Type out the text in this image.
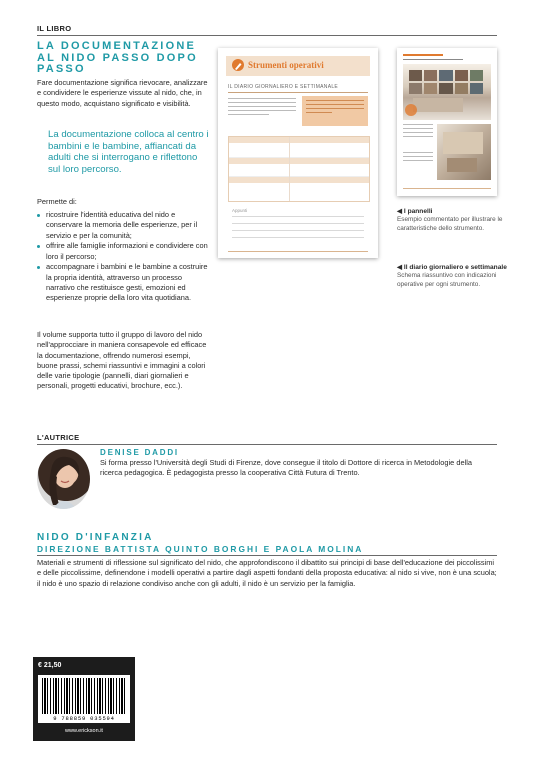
IL LIBRO
LA DOCUMENTAZIONE
AL NIDO PASSO DOPO
PASSO
Fare documentazione significa rievocare, analizzare e condividere le esperienze vissute al nido, che, in questo modo, acquistano significato e visibilità.
La documentazione colloca al centro i bambini e le bambine, affiancati da adulti che si interrogano e riflettono sul loro percorso.
Permette di:
ricostruire l'identità educativa del nido e conservare la memoria delle esperienze, per il servizio e per la comunità;
offrire alle famiglie informazioni e condividere con loro il percorso;
accompagnare i bambini e le bambine a costruire la propria identità, attraverso un processo narrativo che restituisce gesti, emozioni ed esperienze proprie della loro vita quotidiana.
Il volume supporta tutto il gruppo di lavoro del nido nell'approcciare in maniera consapevole ed efficace la documentazione, offrendo numerosi esempi, buone prassi, schemi riassuntivi e immagini a colori delle varie tipologie (pannelli, diari giornalieri e personali, progetti educativi, brochure, ecc.).
Strumenti operativi
IL DIARIO GIORNALIERO E SETTIMANALE
Appunti	◀ I pannelli
Esempio commentato per illustrare le caratteristiche dello strumento.
◀ Il diario giornaliero e settimanale
Schema riassuntivo con indicazioni operative per ogni strumento.
L'AUTRICE
DENISE DADDI
Si forma presso l'Università degli Studi di Firenze, dove consegue il titolo di Dottore di ricerca in Metodologie della ricerca pedagogica. È pedagogista presso la cooperativa Città Futura di Trento.
NIDO D'INFANZIA
DIREZIONE BATTISTA QUINTO BORGHI E PAOLA MOLINA
Materiali e strumenti di riflessione sul significato del nido, che approfondiscono il dibattito sui principi di base dell'educazione dei piccolissimi e delle piccolissime, definendone i modelli operativi a partire dagli aspetti fondanti della proposta educativa: al nido si vive, non è una scuola; il nido è uno spazio di relazione condiviso anche con gli adulti, il nido è un servizio per la famiglia.
€ 21,50
9 788859 035594
www.erickson.it
